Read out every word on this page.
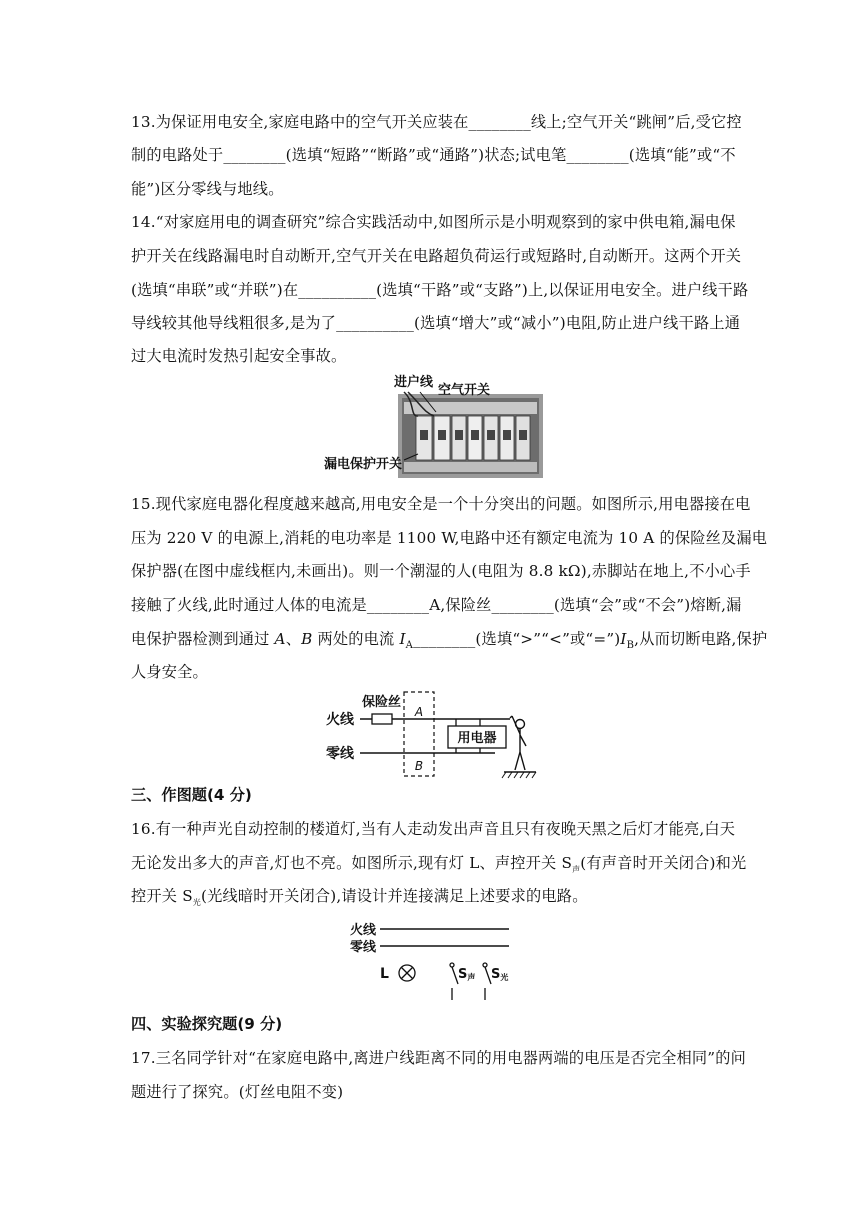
13.为保证用电安全,家庭电路中的空气开关应装在________线上;空气开关“跳闸”后,受它控
制的电路处于________(选填“短路”“断路”或“通路”)状态;试电笔________(选填“能”或“不
能”)区分零线与地线。
14.“对家庭用电的调查研究”综合实践活动中,如图所示是小明观察到的家中供电箱,漏电保
护开关在线路漏电时自动断开,空气开关在电路超负荷运行或短路时,自动断开。这两个开关
(选填“串联”或“并联”)在__________(选填“干路”或“支路”)上,以保证用电安全。进户线干路
导线较其他导线粗很多,是为了__________(选填“增大”或“减小”)电阻,防止进户线干路上通
过大电流时发热引起安全事故。
进户线
空气开关
漏电保护开关
15.现代家庭电器化程度越来越高,用电安全是一个十分突出的问题。如图所示,用电器接在电
压为 220 V 的电源上,消耗的电功率是 1100 W,电路中还有额定电流为 10 A 的保险丝及漏电
保护器(在图中虚线框内,未画出)。则一个潮湿的人(电阻为 8.8 kΩ),赤脚站在地上,不小心手
接触了火线,此时通过人体的电流是________A,保险丝________(选填“会”或“不会”)熔断,漏
电保护器检测到通过 A、B 两处的电流 $I_A\_\_\_\_\_\_\_\_$(选填“>”“<”或“$=”)I_B$,从而切断电路,保护
人身安全。
火线
零线
保险丝
A
B
用电器
三、作图题(4 分)
16.有一种声光自动控制的楼道灯,当有人走动发出声音且只有夜晚天黑之后灯才能亮,白天
无论发出多大的声音,灯也不亮。如图所示,现有灯 L、声控开关 $S_声$(有声音时开关闭合)和光
控开关 $S_光$(光线暗时开关闭合),请设计并连接满足上述要求的电路。
火线
零线
L	S声 S光
四、实验探究题(9 分)
17.三名同学针对“在家庭电路中,离进户线距离不同的用电器两端的电压是否完全相同”的问
题进行了探究。(灯丝电阻不变)
